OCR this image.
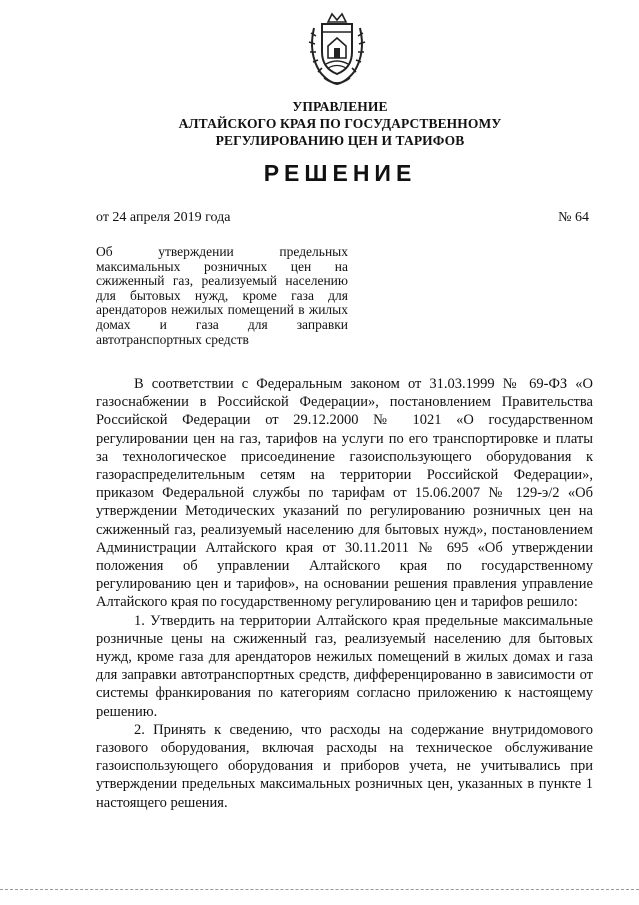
УПРАВЛЕНИЕ
АЛТАЙСКОГО КРАЯ ПО ГОСУДАРСТВЕННОМУ
РЕГУЛИРОВАНИЮ ЦЕН И ТАРИФОВ
РЕШЕНИЕ
от 24 апреля 2019 года	№ 64
Об утверждении предельных максимальных розничных цен на сжиженный газ, реализуемый населению для бытовых нужд, кроме газа для арендаторов нежилых помещений в жилых домах и газа для заправки автотранспортных средств

В соответствии с Федеральным законом от 31.03.1999 № 69-ФЗ «О газоснабжении в Российской Федерации», постановлением Правительства Российской Федерации от 29.12.2000 № 1021 «О государственном регулировании цен на газ, тарифов на услуги по его транспортировке и платы за технологическое присоединение газоиспользующего оборудования к газораспределительным сетям на территории Российской Федерации», приказом Федеральной службы по тарифам от 15.06.2007 № 129-э/2 «Об утверждении Методических указаний по регулированию розничных цен на сжиженный газ, реализуемый населению для бытовых нужд», постановлением Администрации Алтайского края от 30.11.2011 № 695 «Об утверждении положения об управлении Алтайского края по государственному регулированию цен и тарифов», на основании решения правления управление Алтайского края по государственному регулированию цен и тарифов решило:

1. Утвердить на территории Алтайского края предельные максимальные розничные цены на сжиженный газ, реализуемый населению для бытовых нужд, кроме газа для арендаторов нежилых помещений в жилых домах и газа для заправки автотранспортных средств, дифференцированно в зависимости от системы франкирования по категориям согласно приложению к настоящему решению.

2. Принять к сведению, что расходы на содержание внутридомового газового оборудования, включая расходы на техническое обслуживание газоиспользующего оборудования и приборов учета, не учитывались при утверждении предельных максимальных розничных цен, указанных в пункте 1 настоящего решения.
